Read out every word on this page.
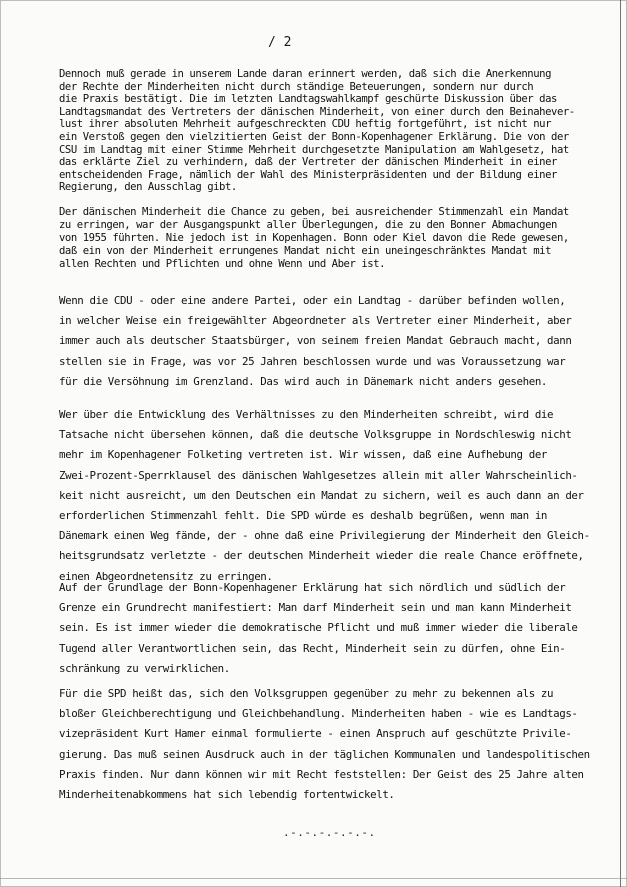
/ 2
Dennoch muß gerade in unserem Lande daran erinnert werden, daß sich die Anerkennung
der Rechte der Minderheiten nicht durch ständige Beteuerungen, sondern nur durch
die Praxis bestätigt. Die im letzten Landtagswahlkampf geschürte Diskussion über das
Landtagsmandat des Vertreters der dänischen Minderheit, von einer durch den Beinahever-
lust ihrer absoluten Mehrheit aufgeschreckten CDU heftig fortgeführt, ist nicht nur
ein Verstoß gegen den vielzitierten Geist der Bonn-Kopenhagener Erklärung. Die von der
CSU im Landtag mit einer Stimme Mehrheit durchgesetzte Manipulation am Wahlgesetz, hat
das erklärte Ziel zu verhindern, daß der Vertreter der dänischen Minderheit in einer
entscheidenden Frage, nämlich der Wahl des Ministerpräsidenten und der Bildung einer
Regierung, den Ausschlag gibt.
Der dänischen Minderheit die Chance zu geben, bei ausreichender Stimmenzahl ein Mandat
zu erringen, war der Ausgangspunkt aller Überlegungen, die zu den Bonner Abmachungen
von 1955 führten. Nie jedoch ist in Kopenhagen. Bonn oder Kiel davon die Rede gewesen,
daß ein von der Minderheit errungenes Mandat nicht ein uneingeschränktes Mandat mit
allen Rechten und Pflichten und ohne Wenn und Aber ist.
Wenn die CDU - oder eine andere Partei, oder ein Landtag - darüber befinden wollen,
in welcher Weise ein freigewählter Abgeordneter als Vertreter einer Minderheit, aber
immer auch als deutscher Staatsbürger, von seinem freien Mandat Gebrauch macht, dann
stellen sie in Frage, was vor 25 Jahren beschlossen wurde und was Voraussetzung war
für die Versöhnung im Grenzland. Das wird auch in Dänemark nicht anders gesehen.
Wer über die Entwicklung des Verhältnisses zu den Minderheiten schreibt, wird die
Tatsache nicht übersehen können, daß die deutsche Volksgruppe in Nordschleswig nicht
mehr im Kopenhagener Folketing vertreten ist. Wir wissen, daß eine Aufhebung der
Zwei-Prozent-Sperrklausel des dänischen Wahlgesetzes allein mit aller Wahrscheinlich-
keit nicht ausreicht, um den Deutschen ein Mandat zu sichern, weil es auch dann an der
erforderlichen Stimmenzahl fehlt. Die SPD würde es deshalb begrüßen, wenn man in
Dänemark einen Weg fände, der - ohne daß eine Privilegierung der Minderheit den Gleich-
heitsgrundsatz verletzte - der deutschen Minderheit wieder die reale Chance eröffnete,
einen Abgeordnetensitz zu erringen.
Auf der Grundlage der Bonn-Kopenhagener Erklärung hat sich nördlich und südlich der
Grenze ein Grundrecht manifestiert: Man darf Minderheit sein und man kann Minderheit
sein. Es ist immer wieder die demokratische Pflicht und muß immer wieder die liberale
Tugend aller Verantwortlichen sein, das Recht, Minderheit sein zu dürfen, ohne Ein-
schränkung zu verwirklichen.
Für die SPD heißt das, sich den Volksgruppen gegenüber zu mehr zu bekennen als zu
bloßer Gleichberechtigung und Gleichbehandlung. Minderheiten haben - wie es Landtags-
vizepräsident Kurt Hamer einmal formulierte - einen Anspruch auf geschützte Privile-
gierung. Das muß seinen Ausdruck auch in der täglichen Kommunalen und landespolitischen
Praxis finden. Nur dann können wir mit Recht feststellen: Der Geist des 25 Jahre alten
Minderheitenabkommens hat sich lebendig fortentwickelt.
.-.-.-.-.-.-.
